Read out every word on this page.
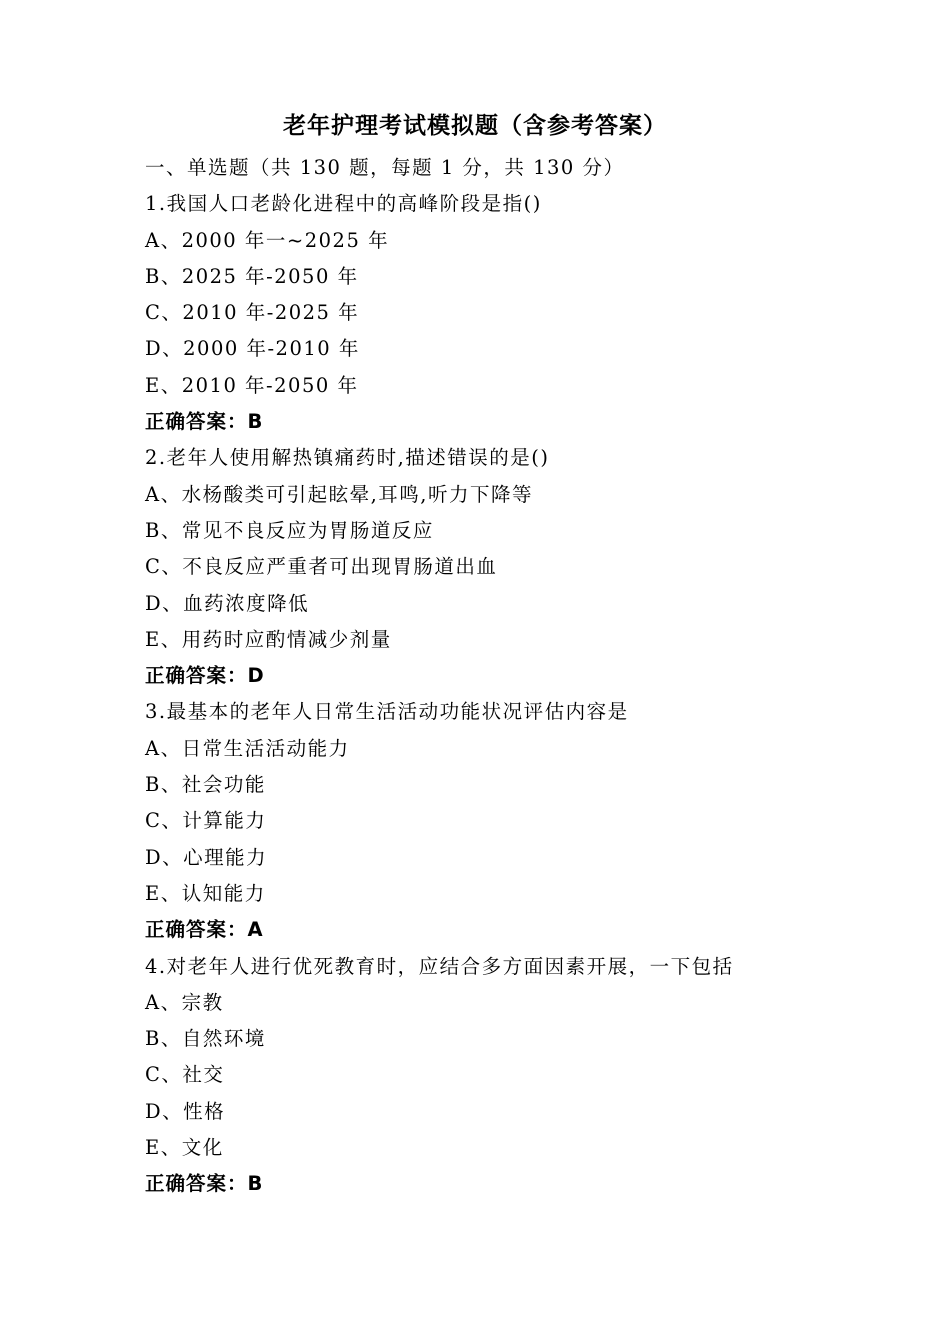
老年护理考试模拟题（含参考答案）
一、单选题（共 130 题，每题 1 分，共 130 分）
1.我国人口老龄化进程中的高峰阶段是指()
A、2000 年一~2025 年
B、2025 年-2050 年
C、2010 年-2025 年
D、2000 年-2010 年
E、2010 年-2050 年
正确答案：B
2.老年人使用解热镇痛药时,描述错误的是()
A、水杨酸类可引起眩晕,耳鸣,听力下降等
B、常见不良反应为胃肠道反应
C、不良反应严重者可出现胃肠道出血
D、血药浓度降低
E、用药时应酌情减少剂量
正确答案：D
3.最基本的老年人日常生活活动功能状况评估内容是
A、日常生活活动能力
B、社会功能
C、计算能力
D、心理能力
E、认知能力
正确答案：A
4.对老年人进行优死教育时，应结合多方面因素开展，一下包括
A、宗教
B、自然环境
C、社交
D、性格
E、文化
正确答案：B
